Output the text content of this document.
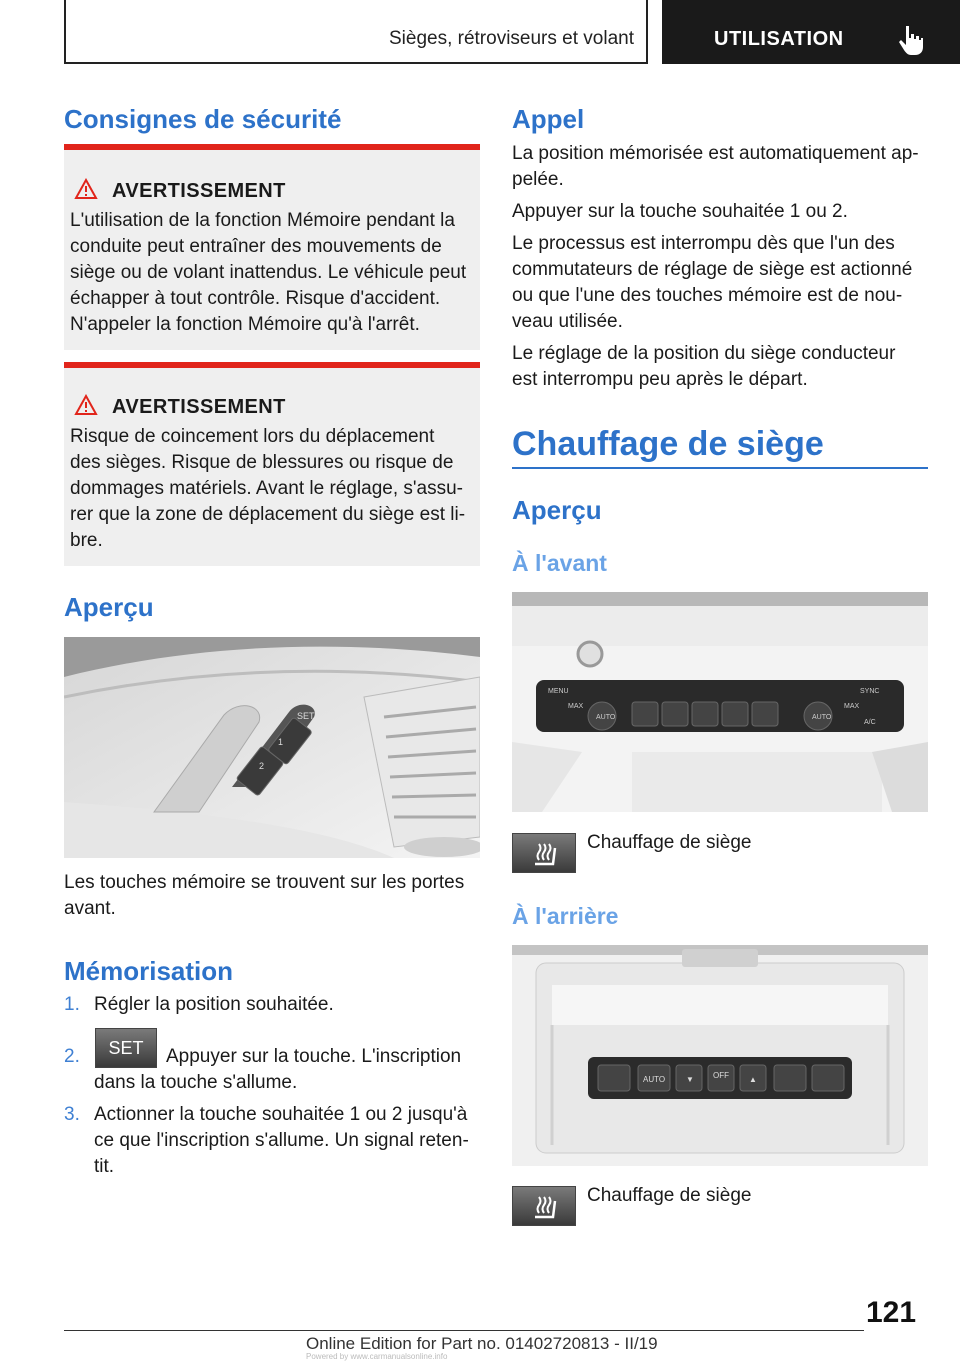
Sièges, rétroviseurs et volant	UTILISATION
Consignes de sécurité
AVERTISSEMENT
L'utilisation de la fonction Mémoire pendant la
conduite peut entraîner des mouvements de
siège ou de volant inattendus. Le véhicule peut
échapper à tout contrôle. Risque d'accident.
N'appeler la fonction Mémoire qu'à l'arrêt.
AVERTISSEMENT
Risque de coincement lors du déplacement
des sièges. Risque de blessures ou risque de
dommages matériels. Avant le réglage, s'assu-
rer que la zone de déplacement du siège est li-
bre.
Aperçu
SET
1
2
Les touches mémoire se trouvent sur les portes
avant.
Mémorisation
1. Régler la position souhaitée.
2.	SET	Appuyer sur la touche. L'inscription
dans la touche s'allume.
3. Actionner la touche souhaitée 1 ou 2 jusqu'à
ce que l'inscription s'allume. Un signal reten-
tit.
Appel
La position mémorisée est automatiquement ap-
pelée.
Appuyer sur la touche souhaitée 1 ou 2.
Le processus est interrompu dès que l'un des
commutateurs de réglage de siège est actionné
ou que l'une des touches mémoire est de nou-
veau utilisée.
Le réglage de la position du siège conducteur
est interrompu peu après le départ.
Chauffage de siège
Aperçu
À l'avant
MENU
MAX
AUTO	AUTO
MAX
SYNC
A/C
Chauffage de siège
À l'arrière
AUTO	▼ OFF	▲
Chauffage de siège
121
Online Edition for Part no. 01402720813 - II/19
Powered by www.carmanualsonline.info
